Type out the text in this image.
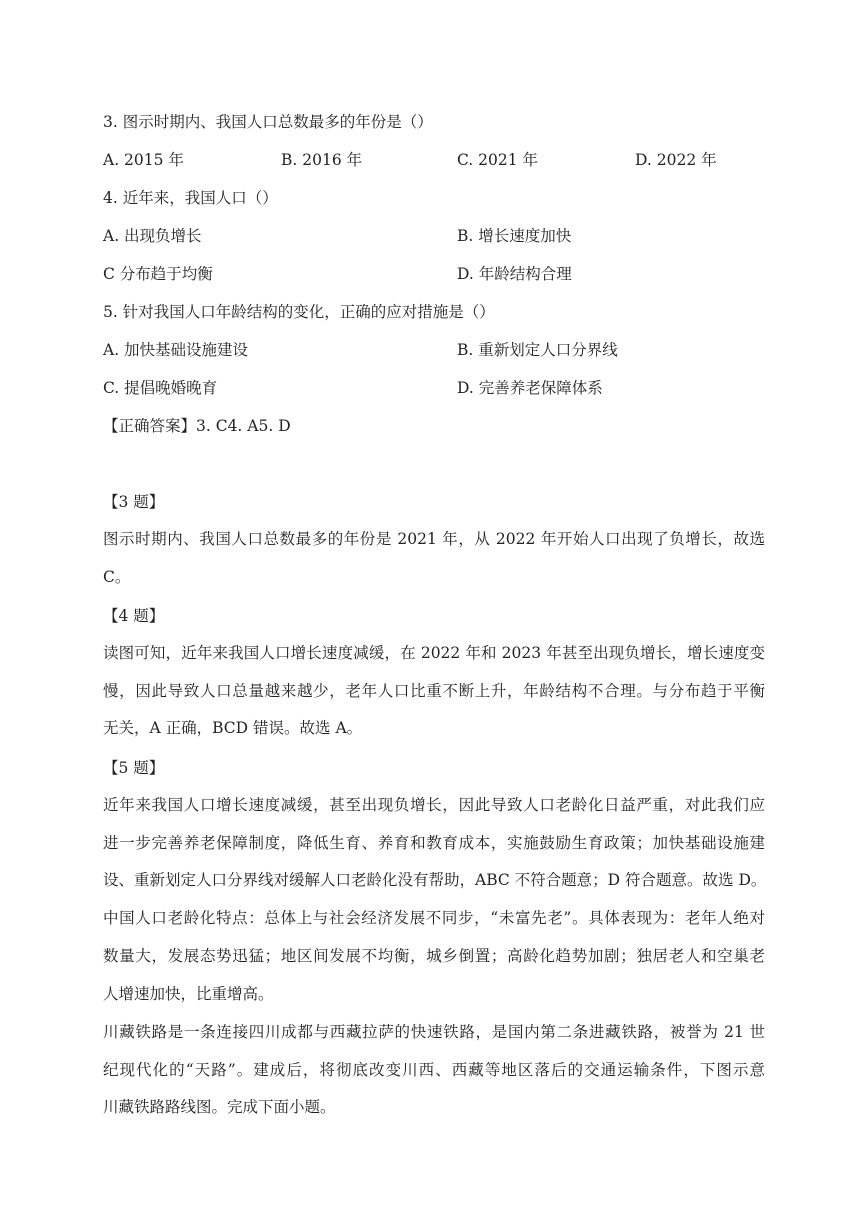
3. 图示时期内、我国人口总数最多的年份是（）
A. 2015 年	B. 2016 年	C. 2021 年	D. 2022 年
4. 近年来，我国人口（）
A. 出现负增长	B. 增长速度加快
C 分布趋于均衡	D. 年龄结构合理
5. 针对我国人口年龄结构的变化，正确的应对措施是（）
A. 加快基础设施建设	B. 重新划定人口分界线
C. 提倡晚婚晚育	D. 完善养老保障体系
【正确答案】3. C4. A5. D
【3 题】
图示时期内、我国人口总数最多的年份是 2021 年，从 2022 年开始人口出现了负增长，故选
C。
【4 题】
读图可知，近年来我国人口增长速度减缓，在 2022 年和 2023 年甚至出现负增长，增长速度变
慢，因此导致人口总量越来越少，老年人口比重不断上升，年龄结构不合理。与分布趋于平衡
无关，A 正确，BCD 错误。故选 A。
【5 题】
近年来我国人口增长速度减缓，甚至出现负增长，因此导致人口老龄化日益严重，对此我们应
进一步完善养老保障制度，降低生育、养育和教育成本，实施鼓励生育政策；加快基础设施建
设、重新划定人口分界线对缓解人口老龄化没有帮助，ABC 不符合题意；D 符合题意。故选 D。
中国人口老龄化特点：总体上与社会经济发展不同步，“未富先老”。具体表现为：老年人绝对
数量大，发展态势迅猛；地区间发展不均衡，城乡倒置；高龄化趋势加剧；独居老人和空巢老
人增速加快，比重增高。
川藏铁路是一条连接四川成都与西藏拉萨的快速铁路，是国内第二条进藏铁路，被誉为 21 世
纪现代化的“天路”。建成后，将彻底改变川西、西藏等地区落后的交通运输条件，下图示意
川藏铁路路线图。完成下面小题。
